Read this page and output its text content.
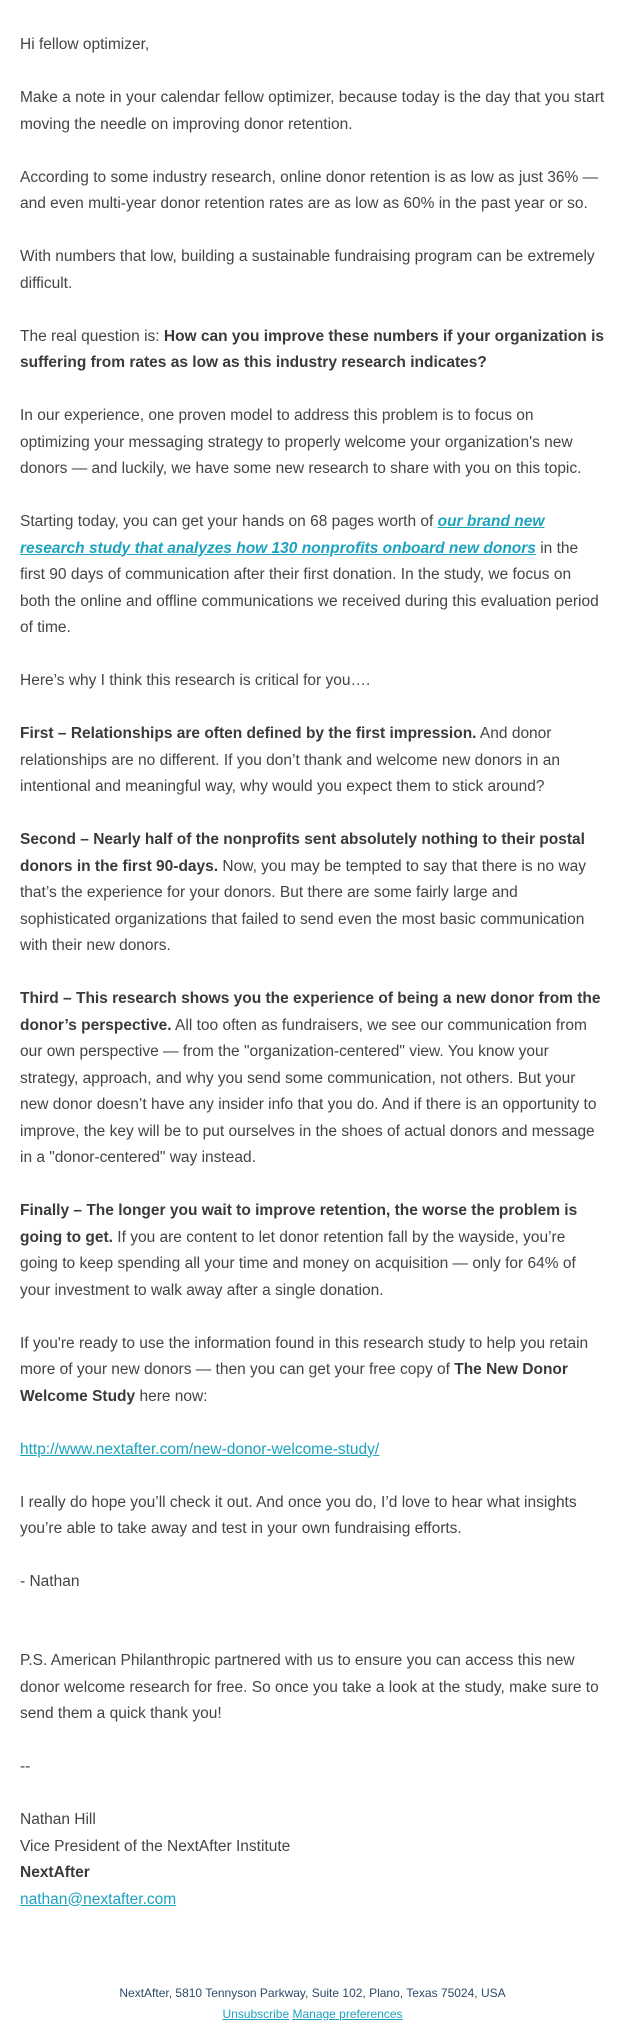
Hi fellow optimizer,

Make a note in your calendar fellow optimizer, because today is the day that you start moving the needle on improving donor retention.

According to some industry research, online donor retention is as low as just 36% — and even multi-year donor retention rates are as low as 60% in the past year or so.

With numbers that low, building a sustainable fundraising program can be extremely difficult.

The real question is: How can you improve these numbers if your organization is suffering from rates as low as this industry research indicates?

In our experience, one proven model to address this problem is to focus on optimizing your messaging strategy to properly welcome your organization's new donors — and luckily, we have some new research to share with you on this topic.

Starting today, you can get your hands on 68 pages worth of our brand new research study that analyzes how 130 nonprofits onboard new donors in the first 90 days of communication after their first donation. In the study, we focus on both the online and offline communications we received during this evaluation period of time.

Here’s why I think this research is critical for you….

First – Relationships are often defined by the first impression. And donor relationships are no different. If you don’t thank and welcome new donors in an intentional and meaningful way, why would you expect them to stick around?

Second – Nearly half of the nonprofits sent absolutely nothing to their postal donors in the first 90-days. Now, you may be tempted to say that there is no way that’s the experience for your donors. But there are some fairly large and sophisticated organizations that failed to send even the most basic communication with their new donors.

Third – This research shows you the experience of being a new donor from the donor’s perspective. All too often as fundraisers, we see our communication from our own perspective — from the "organization-centered" view. You know your strategy, approach, and why you send some communication, not others. But your new donor doesn’t have any insider info that you do. And if there is an opportunity to improve, the key will be to put ourselves in the shoes of actual donors and message in a "donor-centered" way instead.

Finally – The longer you wait to improve retention, the worse the problem is going to get. If you are content to let donor retention fall by the wayside, you’re going to keep spending all your time and money on acquisition — only for 64% of your investment to walk away after a single donation.

If you're ready to use the information found in this research study to help you retain more of your new donors — then you can get your free copy of The New Donor Welcome Study here now:

http://www.nextafter.com/new-donor-welcome-study/

I really do hope you’ll check it out. And once you do, I’d love to hear what insights you’re able to take away and test in your own fundraising efforts.

- Nathan

P.S. American Philanthropic partnered with us to ensure you can access this new donor welcome research for free. So once you take a look at the study, make sure to send them a quick thank you!

--

Nathan Hill
Vice President of the NextAfter Institute
NextAfter
nathan@nextafter.com
NextAfter, 5810 Tennyson Parkway, Suite 102, Plano, Texas 75024, USA
Unsubscribe Manage preferences
